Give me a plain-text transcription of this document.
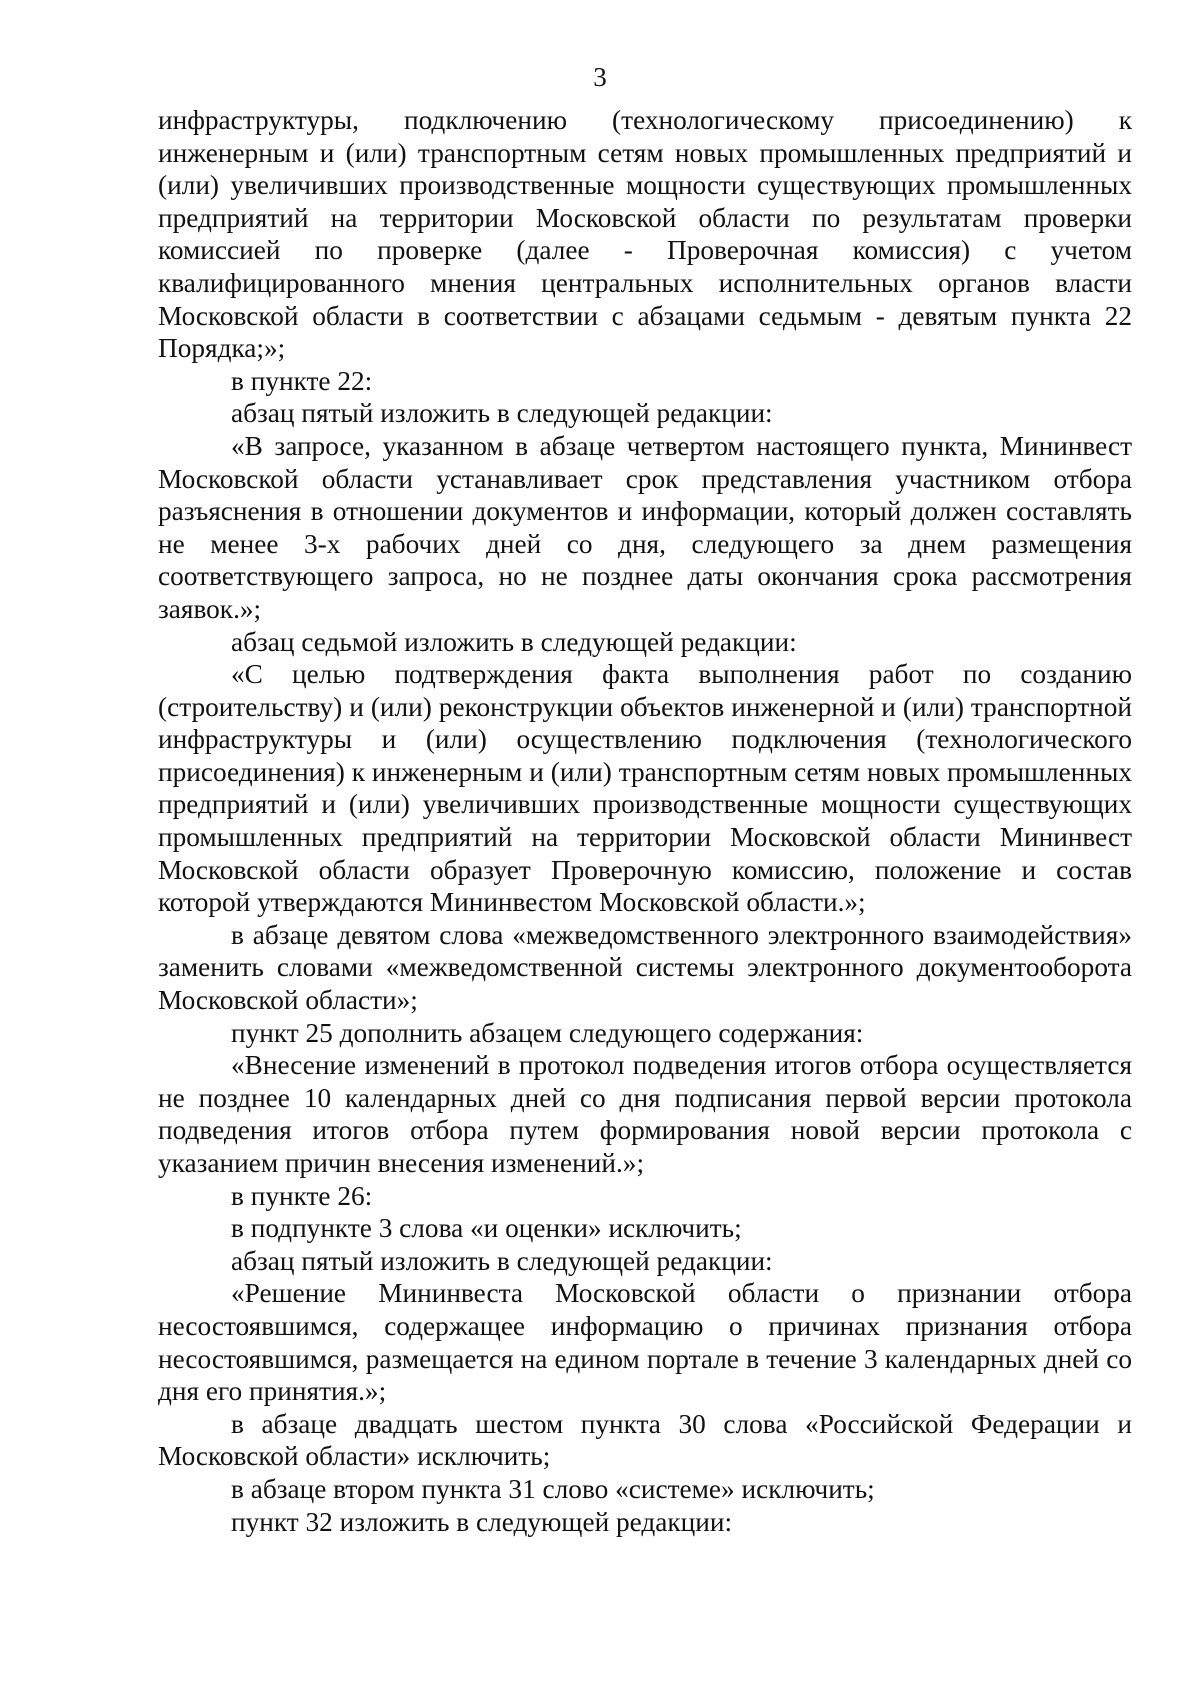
3

инфраструктуры, подключению (технологическому присоединению) к инженерным и (или) транспортным сетям новых промышленных предприятий и (или) увеличивших производственные мощности существующих промышленных предприятий на территории Московской области по результатам проверки комиссией по проверке (далее - Проверочная комиссия) с учетом квалифицированного мнения центральных исполнительных органов власти Московской области в соответствии с абзацами седьмым - девятым пункта 22 Порядка;»;

в пункте 22:

абзац пятый изложить в следующей редакции:

«В запросе, указанном в абзаце четвертом настоящего пункта, Мининвест Московской области устанавливает срок представления участником отбора разъяснения в отношении документов и информации, который должен составлять не менее 3-х рабочих дней со дня, следующего за днем размещения соответствующего запроса, но не позднее даты окончания срока рассмотрения заявок.»;

абзац седьмой изложить в следующей редакции:

«С целью подтверждения факта выполнения работ по созданию (строительству) и (или) реконструкции объектов инженерной и (или) транспортной инфраструктуры и (или) осуществлению подключения (технологического присоединения) к инженерным и (или) транспортным сетям новых промышленных предприятий и (или) увеличивших производственные мощности существующих промышленных предприятий на территории Московской области Мининвест Московской области образует Проверочную комиссию, положение и состав которой утверждаются Мининвестом Московской области.»;

в абзаце девятом слова «межведомственного электронного взаимодействия» заменить словами «межведомственной системы электронного документооборота Московской области»;

пункт 25 дополнить абзацем следующего содержания:

«Внесение изменений в протокол подведения итогов отбора осуществляется не позднее 10 календарных дней со дня подписания первой версии протокола подведения итогов отбора путем формирования новой версии протокола с указанием причин внесения изменений.»;

в пункте 26:

в подпункте 3 слова «и оценки» исключить;

абзац пятый изложить в следующей редакции:

«Решение Мининвеста Московской области о признании отбора несостоявшимся, содержащее информацию о причинах признания отбора несостоявшимся, размещается на едином портале в течение 3 календарных дней со дня его принятия.»;

в абзаце двадцать шестом пункта 30 слова «Российской Федерации и Московской области» исключить;

в абзаце втором пункта 31 слово «системе» исключить;

пункт 32 изложить в следующей редакции:
